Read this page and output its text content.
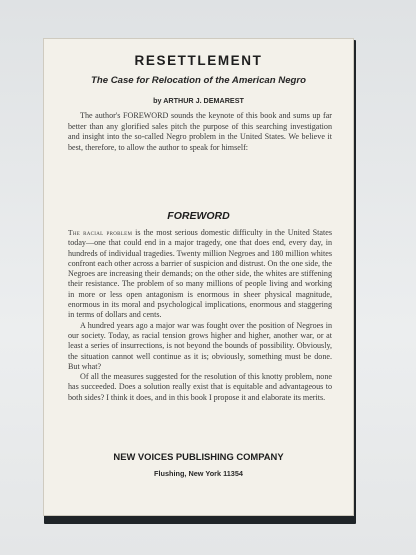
RESETTLEMENT
The Case for Relocation of the American Negro
by ARTHUR J. DEMAREST

The author's FOREWORD sounds the keynote of this book and sums up far better than any glorified sales pitch the purpose of this searching investigation and insight into the so-called Negro problem in the United States. We believe it best, therefore, to allow the author to speak for himself:

FOREWORD

The racial problem is the most serious domestic difficulty in the United States today—one that could end in a major tragedy, one that does end, every day, in hundreds of individual tragedies. Twenty million Negroes and 180 million whites confront each other across a barrier of suspicion and distrust. On the one side, the Negroes are increasing their demands; on the other side, the whites are stiffening their resistance. The problem of so many millions of people living and working in more or less open antagonism is enormous in sheer physical magnitude, enormous in its moral and psychological implications, enormous and staggering in terms of dollars and cents.

A hundred years ago a major war was fought over the position of Negroes in our society. Today, as racial tension grows higher and higher, another war, or at least a series of insurrections, is not beyond the bounds of possibility. Obviously, the situation cannot well continue as it is; obviously, something must be done. But what?

Of all the measures suggested for the resolution of this knotty problem, none has succeeded. Does a solution really exist that is equitable and advantageous to both sides? I think it does, and in this book I propose it and elaborate its merits.

NEW VOICES PUBLISHING COMPANY
Flushing, New York 11354
